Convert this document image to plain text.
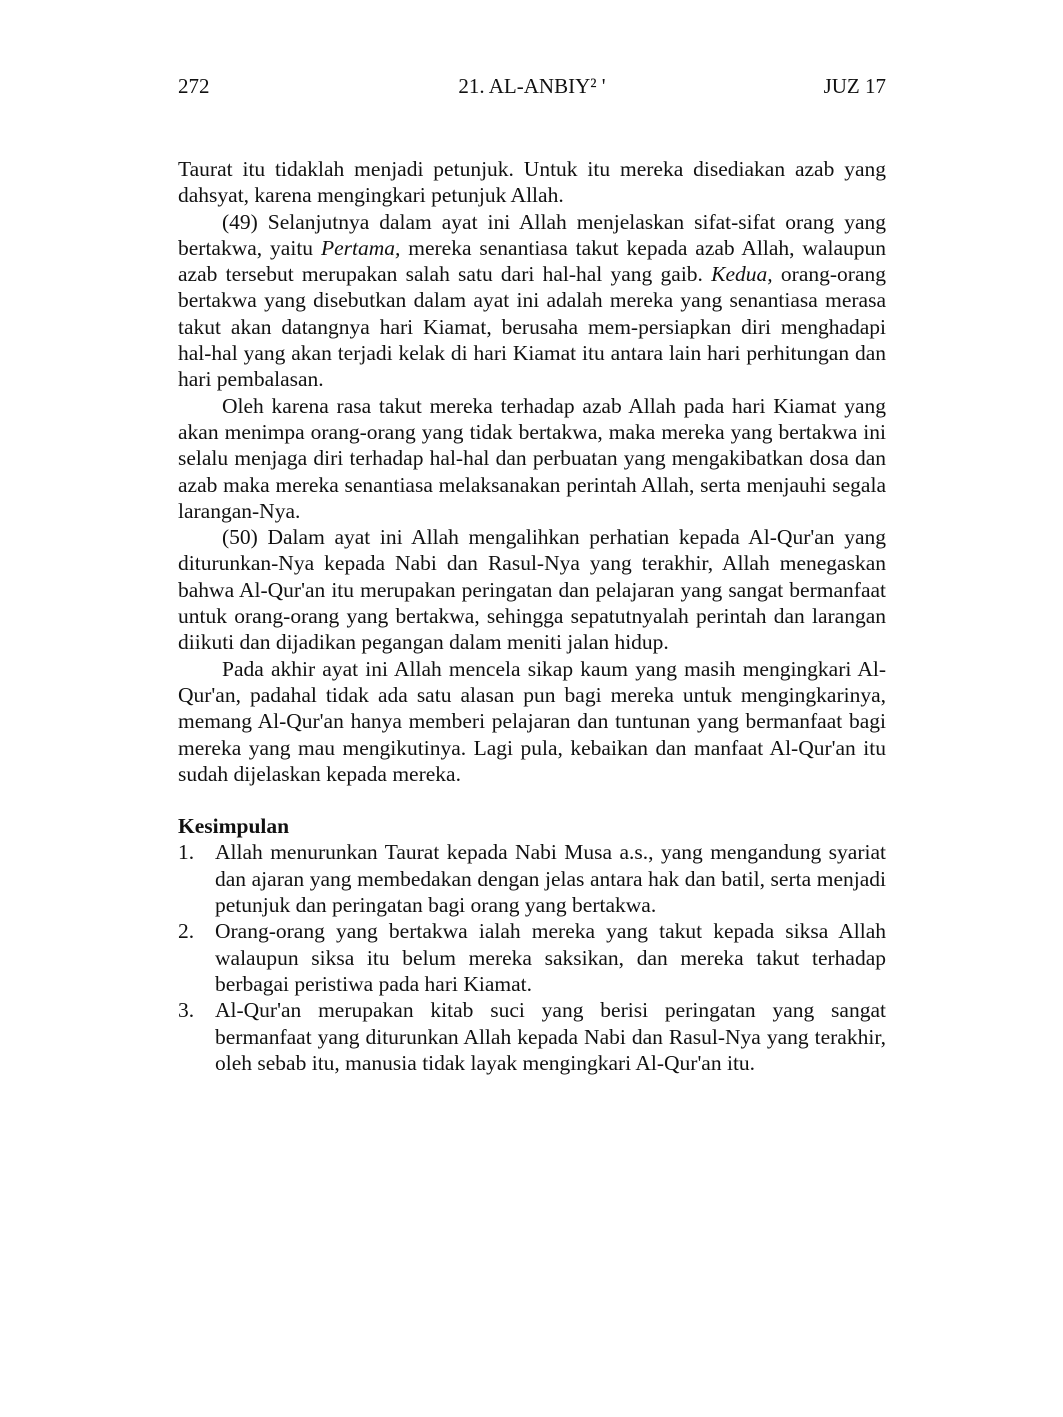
272	21. AL-ANBIY² '	JUZ 17

Taurat itu tidaklah menjadi petunjuk. Untuk itu mereka disediakan azab yang dahsyat, karena mengingkari petunjuk Allah.

(49) Selanjutnya dalam ayat ini Allah menjelaskan sifat-sifat orang yang bertakwa, yaitu Pertama, mereka senantiasa takut kepada azab Allah, walaupun azab tersebut merupakan salah satu dari hal-hal yang gaib. Kedua, orang-orang bertakwa yang disebutkan dalam ayat ini adalah mereka yang senantiasa merasa takut akan datangnya hari Kiamat, berusaha mem-persiapkan diri menghadapi hal-hal yang akan terjadi kelak di hari Kiamat itu antara lain hari perhitungan dan hari pembalasan.

Oleh karena rasa takut mereka terhadap azab Allah pada hari Kiamat yang akan menimpa orang-orang yang tidak bertakwa, maka mereka yang bertakwa ini selalu menjaga diri terhadap hal-hal dan perbuatan yang mengakibatkan dosa dan azab maka mereka senantiasa melaksanakan perintah Allah, serta menjauhi segala larangan-Nya.

(50) Dalam ayat ini Allah mengalihkan perhatian kepada Al-Qur'an yang diturunkan-Nya kepada Nabi dan Rasul-Nya yang terakhir, Allah menegaskan bahwa Al-Qur'an itu merupakan peringatan dan pelajaran yang sangat bermanfaat untuk orang-orang yang bertakwa, sehingga sepatutnyalah perintah dan larangan diikuti dan dijadikan pegangan dalam meniti jalan hidup.

Pada akhir ayat ini Allah mencela sikap kaum yang masih mengingkari Al-Qur'an, padahal tidak ada satu alasan pun bagi mereka untuk mengingkarinya, memang Al-Qur'an hanya memberi pelajaran dan tuntunan yang bermanfaat bagi mereka yang mau mengikutinya. Lagi pula, kebaikan dan manfaat Al-Qur'an itu sudah dijelaskan kepada mereka.

Kesimpulan
1. Allah menurunkan Taurat kepada Nabi Musa a.s., yang mengandung syariat dan ajaran yang membedakan dengan jelas antara hak dan batil, serta menjadi petunjuk dan peringatan bagi orang yang bertakwa.
2. Orang-orang yang bertakwa ialah mereka yang takut kepada siksa Allah walaupun siksa itu belum mereka saksikan, dan mereka takut terhadap berbagai peristiwa pada hari Kiamat.
3. Al-Qur'an merupakan kitab suci yang berisi peringatan yang sangat bermanfaat yang diturunkan Allah kepada Nabi dan Rasul-Nya yang terakhir, oleh sebab itu, manusia tidak layak mengingkari Al-Qur'an itu.
